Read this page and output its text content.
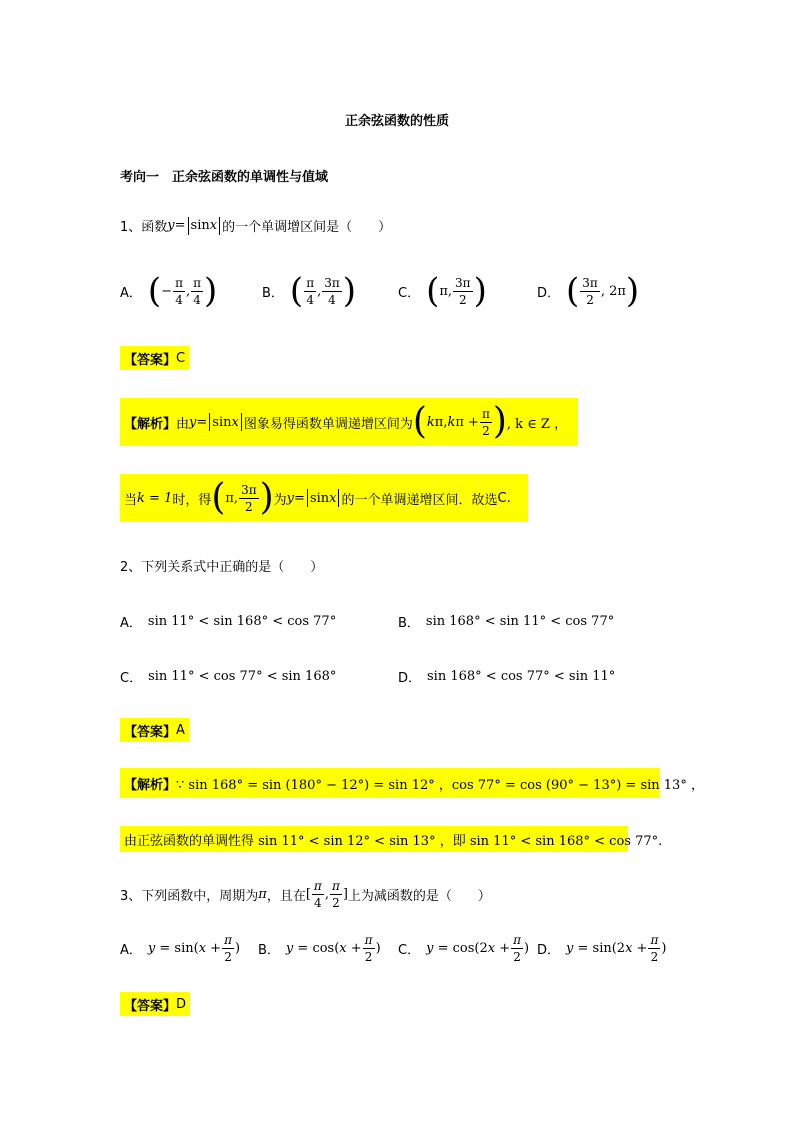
正余弦函数的性质
考向一　正余弦函数的单调性与值域
1、函数 y = sin x 的一个单调增区间是（　　）
A． ( − $\frac{\pi}{4}$ , $\frac{\pi}{4}$ )	B． ( $\frac{\pi}{4}$ , $\frac{3\pi}{4}$ )	C． ( π, $\frac{3\pi}{2}$ )	D． ( $\frac{3\pi}{2}$ , 2π )
【答案】 C
【解析】 由 y = sin x 图象易得函数单调递增区间为 ( k π, k $\pi + \frac{\pi}{2}$ ) , k ∈ Z ，
当 k = 1 时，得 ( π, $\frac{3\pi}{2}$ ) 为 y = sin x 的一个单调递增区间．故选 C.
2、下列关系式中正确的是（　　）
A． sin 11° < sin 168° < cos 77°	B． sin 168° < sin 11° < cos 77°
C． sin 11° < cos 77° < sin 168°	D． sin 168° < cos 77° < sin 11°
【答案】 A
【解析】 ∵ sin 168° = sin (180° − 12°) = sin 12° ，cos 77° = cos (90° − 13°) = sin 13° ，
由正弦函数的单调性得 sin 11° < sin 12° < sin 13° ，即 sin 11° < sin 168° < cos 77°.
3、下列函数中，周期为 π ，且在 [ $\frac{\pi}{4}$ , $\frac{\pi}{2}$ ] 上为减函数的是（　　）
A． $y = \sin(x + \frac{\pi}{2}$ ) B． $y = \cos(x + \frac{\pi}{2}$ ) C． $y = \cos(2x + \frac{\pi}{2}$ ) D． $y = \sin(2x + \frac{\pi}{2}$ )
【答案】 D
